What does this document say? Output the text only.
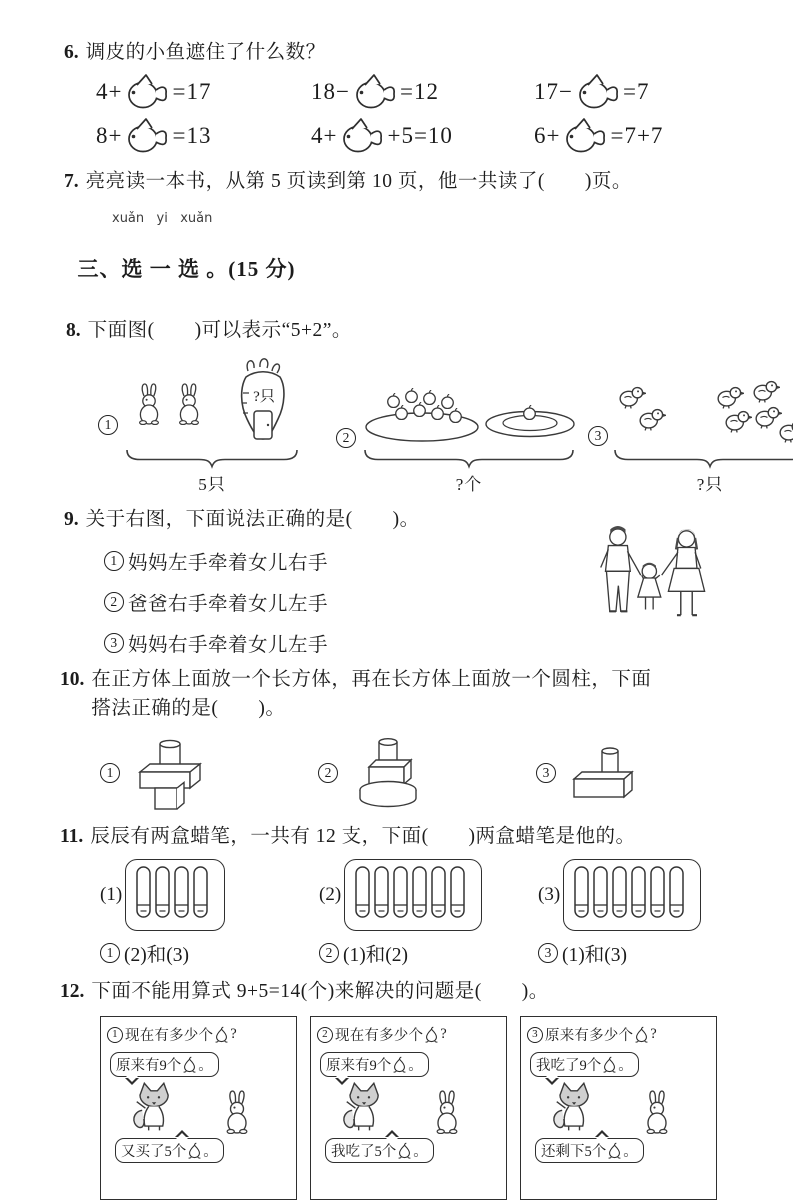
6. 调皮的小鱼遮住了什么数？
4+ =17	18− =12	17− =7
8+ =13	4+ +5=10	6+ =7+7
7. 亮亮读一本书，从第 5 页读到第 10 页，他一共读了(　　)页。
xuǎn   yi   xuǎn

三、选 一 选 。(15 分)

8. 下面图(　　)可以表示“5+2”。
1
?只
5只
2
?个
3
?只
9. 关于右图，下面说法正确的是(　　)。
1 妈妈左手牵着女儿右手
2 爸爸右手牵着女儿左手
3 妈妈右手牵着女儿左手
10. 在正方体上面放一个长方体，再在长方体上面放一个圆柱，下面
搭法正确的是(　　)。
1	2	3
11. 辰辰有两盒蜡笔，一共有 12 支，下面(　　)两盒蜡笔是他的。
(1)	(2)	(3)
1 (2)和(3)	2 (1)和(2)	3 (1)和(3)
12. 下面不能用算式 9+5=14(个)来解决的问题是(　　)。
1 现在有多少个 ?
原来有9个 。
又买了5个 。
2 现在有多少个 ?
原来有9个 。
我吃了5个 。
3 原来有多少个 ?
我吃了9个 。
还剩下5个 。
